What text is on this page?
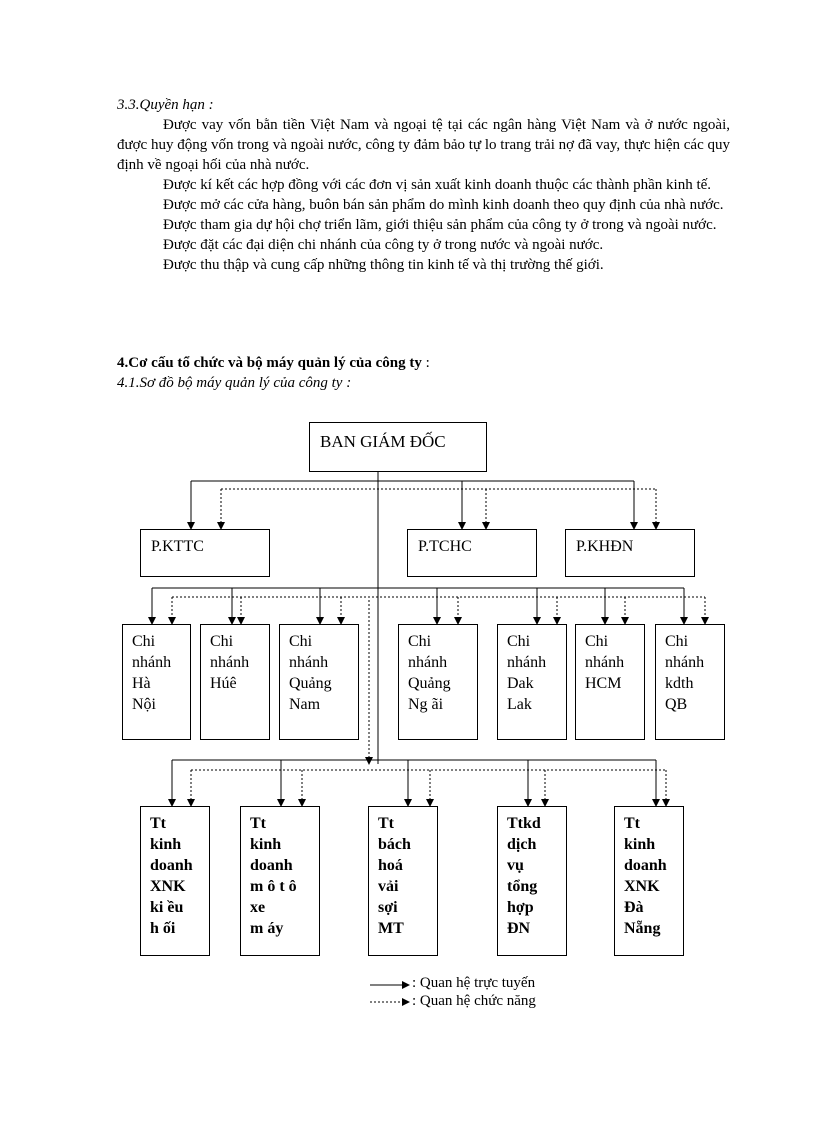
3.3.Quyền hạn :

Được vay vốn bằn tiền Việt Nam và ngoại tệ tại các ngân hàng Việt Nam và ở nước ngoài, được huy động vốn trong và ngoài nước, công ty đảm bảo tự lo trang trải nợ đã vay, thực hiện các quy định về ngoại hối của nhà nước.

Được kí kết các hợp đồng với các đơn vị sản xuất kinh doanh thuộc các thành phần kinh tế.

Được mở các cửa hàng, buôn bán sản phẩm do mình kinh doanh theo quy định của nhà nước.

Được tham gia dự hội chợ triển lãm, giới thiệu sản phẩm của công ty ở trong và ngoài nước.

Được đặt các đại diện chi nhánh của công ty ở trong nước và ngoài nước.

Được thu thập và cung cấp những thông tin kinh tế và thị trường thế giới.

4.Cơ cấu tổ chức và bộ máy quản lý của công ty :

4.1.Sơ đồ bộ máy quản lý của công ty :

BAN GIÁM ĐỐC
P.KTTC	P.TCHC	P.KHĐN
Chi
nhánh
Hà
Nội
Chi
nhánh
Húê
Chi
nhánh
Quảng
Nam
Chi
nhánh
Quảng
Ng ãi
Chi
nhánh
Dak
Lak
Chi
nhánh
HCM
Chi
nhánh
kdth
QB
Tt
kinh
doanh
XNK
ki ều
h ối
Tt
kinh
doanh
m ô t ô
xe
m áy
Tt
bách
hoá
vải
sợi
MT
Ttkd
dịch
vụ
tổng
hợp
ĐN
Tt
kinh
doanh
XNK
Đà
Nẵng
: Quan hệ trực tuyến
: Quan hệ chức năng
